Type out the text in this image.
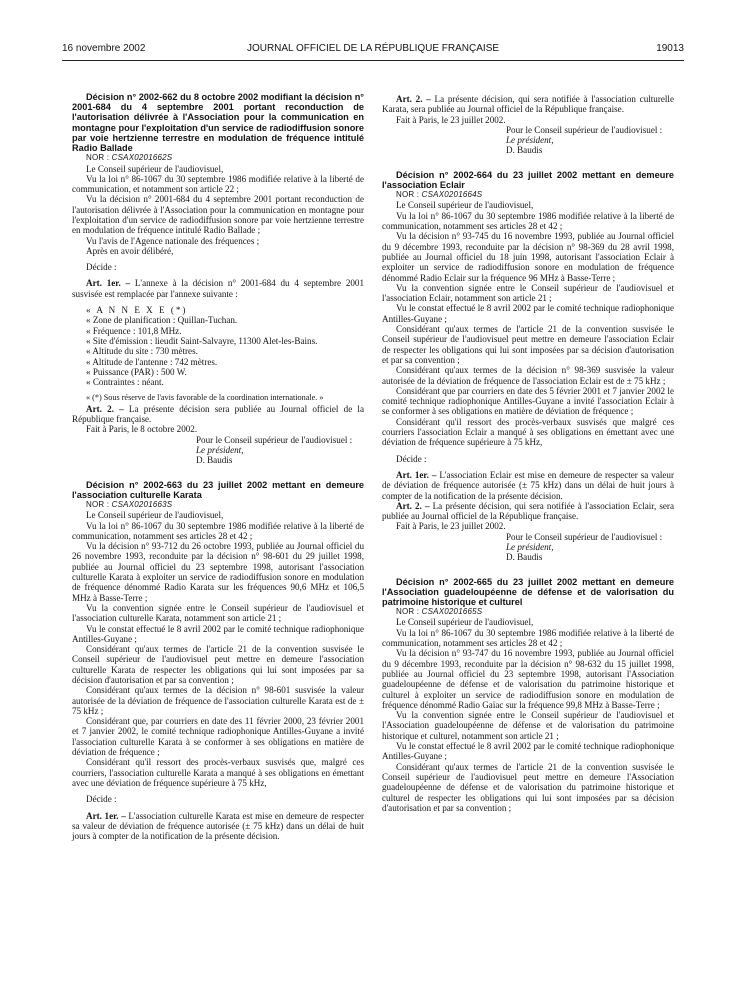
16 novembre 2002	JOURNAL OFFICIEL DE LA RÉPUBLIQUE FRANÇAISE	19013

Décision n° 2002-662 du 8 octobre 2002 modifiant la décision n° 2001-684 du 4 septembre 2001 portant reconduction de l'autorisation délivrée à l'Association pour la communication en montagne pour l'exploitation d'un service de radiodiffusion sonore par voie hertzienne terrestre en modulation de fréquence intitulé Radio Ballade

NOR : CSAX0201662S

Le Conseil supérieur de l'audiovisuel,

Vu la loi n° 86-1067 du 30 septembre 1986 modifiée relative à la liberté de communication, et notamment son article 22 ;

Vu la décision n° 2001-684 du 4 septembre 2001 portant reconduction de l'autorisation délivrée à l'Association pour la communication en montagne pour l'exploitation d'un service de radiodiffusion sonore par voie hertzienne terrestre en modulation de fréquence intitulé Radio Ballade ;

Vu l'avis de l'Agence nationale des fréquences ;

Après en avoir délibéré,

Décide :

Art. 1er. – L'annexe à la décision n° 2001-684 du 4 septembre 2001 susvisée est remplacée par l'annexe suivante :

« A N N E X E (*)

« Zone de planification : Quillan-Tuchan.

« Fréquence : 101,8 MHz.

« Site d'émission : lieudit Saint-Salvayre, 11300 Alet-les-Bains.

« Altitude du site : 730 mètres.

« Altitude de l'antenne : 742 mètres.

« Puissance (PAR) : 500 W.

« Contraintes : néant.

« (*) Sous réserve de l'avis favorable de la coordination internationale. »

Art. 2. – La présente décision sera publiée au Journal officiel de la République française.

Fait à Paris, le 8 octobre 2002.

Pour le Conseil supérieur de l'audiovisuel :

Le président,

D. Baudis

Décision n° 2002-663 du 23 juillet 2002 mettant en demeure l'association culturelle Karata

NOR : CSAX0201663S

Le Conseil supérieur de l'audiovisuel,

Vu la loi n° 86-1067 du 30 septembre 1986 modifiée relative à la liberté de communication, notamment ses articles 28 et 42 ;

Vu la décision n° 93-712 du 26 octobre 1993, publiée au Journal officiel du 26 novembre 1993, reconduite par la décision n° 98-601 du 29 juillet 1998, publiée au Journal officiel du 23 septembre 1998, autorisant l'association culturelle Karata à exploiter un service de radiodiffusion sonore en modulation de fréquence dénommé Radio Karata sur les fréquences 90,6 MHz et 106,5 MHz à Basse-Terre ;

Vu la convention signée entre le Conseil supérieur de l'audiovisuel et l'association culturelle Karata, notamment son article 21 ;

Vu le constat effectué le 8 avril 2002 par le comité technique radiophonique Antilles-Guyane ;

Considérant qu'aux termes de l'article 21 de la convention susvisée le Conseil supérieur de l'audiovisuel peut mettre en demeure l'association culturelle Karata de respecter les obligations qui lui sont imposées par sa décision d'autorisation et par sa convention ;

Considérant qu'aux termes de la décision n° 98-601 susvisée la valeur autorisée de la déviation de fréquence de l'association culturelle Karata est de ± 75 kHz ;

Considérant que, par courriers en date des 11 février 2000, 23 février 2001 et 7 janvier 2002, le comité technique radiophonique Antilles-Guyane a invité l'association culturelle Karata à se conformer à ses obligations en matière de déviation de fréquence ;

Considérant qu'il ressort des procès-verbaux susvisés que, malgré ces courriers, l'association culturelle Karata a manqué à ses obligations en émettant avec une déviation de fréquence supérieure à 75 kHz,

Décide :

Art. 1er. – L'association culturelle Karata est mise en demeure de respecter sa valeur de déviation de fréquence autorisée (± 75 kHz) dans un délai de huit jours à compter de la notification de la présente décision.

Art. 2. – La présente décision, qui sera notifiée à l'association culturelle Karata, sera publiée au Journal officiel de la République française.

Fait à Paris, le 23 juillet 2002.

Pour le Conseil supérieur de l'audiovisuel :

Le président,

D. Baudis

Décision n° 2002-664 du 23 juillet 2002 mettant en demeure l'association Eclair

NOR : CSAX0201664S

Le Conseil supérieur de l'audiovisuel,

Vu la loi n° 86-1067 du 30 septembre 1986 modifiée relative à la liberté de communication, notamment ses articles 28 et 42 ;

Vu la décision n° 93-745 du 16 novembre 1993, publiée au Journal officiel du 9 décembre 1993, reconduite par la décision n° 98-369 du 28 avril 1998, publiée au Journal officiel du 18 juin 1998, autorisant l'association Eclair à exploiter un service de radiodiffusion sonore en modulation de fréquence dénommé Radio Eclair sur la fréquence 96 MHz à Basse-Terre ;

Vu la convention signée entre le Conseil supérieur de l'audiovisuel et l'association Eclair, notamment son article 21 ;

Vu le constat effectué le 8 avril 2002 par le comité technique radiophonique Antilles-Guyane ;

Considérant qu'aux termes de l'article 21 de la convention susvisée le Conseil supérieur de l'audiovisuel peut mettre en demeure l'association Eclair de respecter les obligations qui lui sont imposées par sa décision d'autorisation et par sa convention ;

Considérant qu'aux termes de la décision n° 98-369 susvisée la valeur autorisée de la déviation de fréquence de l'association Eclair est de ± 75 kHz ;

Considérant que par courriers en date des 5 février 2001 et 7 janvier 2002 le comité technique radiophonique Antilles-Guyane a invité l'association Eclair à se conformer à ses obligations en matière de déviation de fréquence ;

Considérant qu'il ressort des procès-verbaux susvisés que malgré ces courriers l'association Eclair a manqué à ses obligations en émettant avec une déviation de fréquence supérieure à 75 kHz,

Décide :

Art. 1er. – L'association Eclair est mise en demeure de respecter sa valeur de déviation de fréquence autorisée (± 75 kHz) dans un délai de huit jours à compter de la notification de la présente décision.

Art. 2. – La présente décision, qui sera notifiée à l'association Eclair, sera publiée au Journal officiel de la République française.

Fait à Paris, le 23 juillet 2002.

Pour le Conseil supérieur de l'audiovisuel :

Le président,

D. Baudis

Décision n° 2002-665 du 23 juillet 2002 mettant en demeure l'Association guadeloupéenne de défense et de valorisation du patrimoine historique et culturel

NOR : CSAX0201665S

Le Conseil supérieur de l'audiovisuel,

Vu la loi n° 86-1067 du 30 septembre 1986 modifiée relative à la liberté de communication, notamment ses articles 28 et 42 ;

Vu la décision n° 93-747 du 16 novembre 1993, publiée au Journal officiel du 9 décembre 1993, reconduite par la décision n° 98-632 du 15 juillet 1998, publiée au Journal officiel du 23 septembre 1998, autorisant l'Association guadeloupéenne de défense et de valorisation du patrimoine historique et culturel à exploiter un service de radiodiffusion sonore en modulation de fréquence dénommé Radio Gaïac sur la fréquence 99,8 MHz à Basse-Terre ;

Vu la convention signée entre le Conseil supérieur de l'audiovisuel et l'Association guadeloupéenne de défense et de valorisation du patrimoine historique et culturel, notamment son article 21 ;

Vu le constat effectué le 8 avril 2002 par le comité technique radiophonique Antilles-Guyane ;

Considérant qu'aux termes de l'article 21 de la convention susvisée le Conseil supérieur de l'audiovisuel peut mettre en demeure l'Association guadeloupéenne de défense et de valorisation du patrimoine historique et culturel de respecter les obligations qui lui sont imposées par sa décision d'autorisation et par sa convention ;
